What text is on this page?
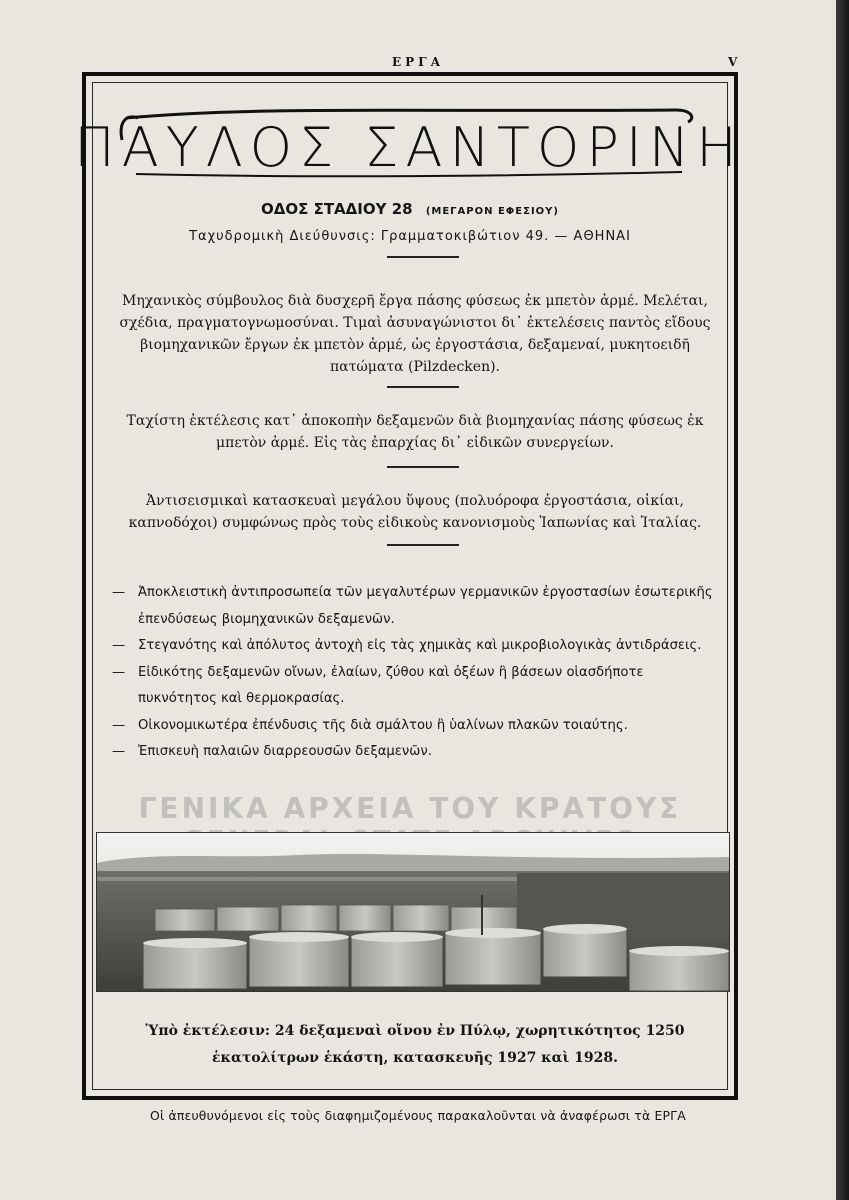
ΕΡΓΑ	V
ΠΑΥΛΟΣ ΣΑΝΤΟΡΙΝΗ
ΟΔΟΣ ΣΤΑΔΙΟΥ 28 (ΜΕΓΑΡΟΝ ΕΦΕΣΙΟΥ)
Ταχυδρομικὴ Διεύθυνσις: Γραμματοκιβώτιον 49. — ΑΘΗΝΑΙ
Μηχανικὸς σύμβουλος διὰ δυσχερῆ ἔργα πάσης φύσεως ἐκ μπετὸν ἀρμέ. Μελέται, σχέδια, πραγματογνωμοσύναι. Τιμαὶ ἀσυναγώνιστοι δι᾽ ἐκτελέσεις παντὸς εἴδους βιομηχανικῶν ἔργων ἐκ μπετὸν ἀρμέ, ὡς ἐργοστάσια, δεξαμεναί, μυκητοειδῆ πατώματα (Pilzdecken).
Ταχίστη ἐκτέλεσις κατ᾽ ἀποκοπὴν δεξαμενῶν διὰ βιομηχανίας πάσης φύσεως ἐκ μπετὸν ἀρμέ. Εἰς τὰς ἐπαρχίας δι᾽ εἰδικῶν συνεργείων.
Ἀντισεισμικαὶ κατασκευαὶ μεγάλου ὕψους (πολυόροφα ἐργοστάσια, οἰκίαι, καπνοδόχοι) συμφώνως πρὸς τοὺς εἰδικοὺς κανονισμοὺς Ἰαπωνίας καὶ Ἰταλίας.
ΓΕΝΙΚΑ ΑΡΧΕΙΑ ΤΟΥ ΚΡΑΤΟΥΣ
— Ἀποκλειστικὴ ἀντιπροσωπεία τῶν μεγαλυτέρων γερμανικῶν ἐργοστασίων ἐσωτερικῆς ἐπενδύσεως βιομηχανικῶν δεξαμενῶν.
— Στεγανότης καὶ ἀπόλυτος ἀντοχὴ εἰς τὰς χημικὰς καὶ μικροβιολογικὰς ἀντιδράσεις.
— Εἰδικότης δεξαμενῶν οἴνων, ἐλαίων, ζύθου καὶ ὀξέων ἢ βάσεων οἱασδήποτε πυκνότητος καὶ θερμοκρασίας.
— Οἰκονομικωτέρα ἐπένδυσις τῆς διὰ σμάλτου ἢ ὑαλίνων πλακῶν τοιαύτης.
— Ἐπισκευὴ παλαιῶν διαρρεουσῶν δεξαμενῶν.
Ὑπὸ ἐκτέλεσιν: 24 δεξαμεναὶ οἴνου ἐν Πύλῳ, χωρητικότητος 1250 ἑκατολίτρων ἑκάστη, κατασκευῆς 1927 καὶ 1928.
Οἱ ἀπευθυνόμενοι εἰς τοὺς διαφημιζομένους παρακαλοῦνται νὰ ἀναφέρωσι τὰ ΕΡΓΑ
